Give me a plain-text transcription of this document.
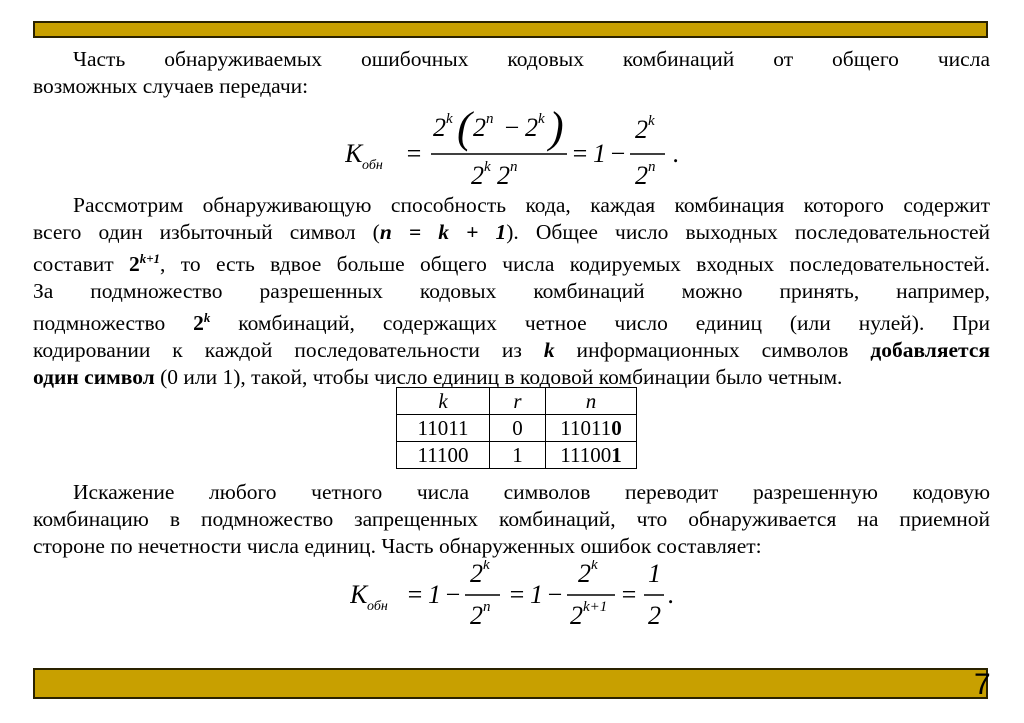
Часть обнаруживаемых ошибочных кодовых комбинаций от общего числа
возможных случаев передачи:

K обн =
2 k ( 2 n − 2 k )
2 k 2 n = 1 −
2 k
2 n .

Рассмотрим обнаруживающую способность кода, каждая комбинация которого содержит
всего один избыточный символ (n = k + 1). Общее число выходных последовательностей
составит $2^{k+1}$, то есть вдвое больше общего числа кодируемых входных последовательностей.
За подмножество разрешенных кодовых комбинаций можно принять, например,
подмножество 2$^k$ комбинаций, содержащих четное число единиц (или нулей). При
кодировании к каждой последовательности из k информационных символов добавляется
один символ (0 или 1), такой, чтобы число единиц в кодовой комбинации было четным.

k	r	n
11011	0	110110
11100	1	111001

Искажение любого четного числа символов переводит разрешенную кодовую
комбинацию в подмножество запрещенных комбинаций, что обнаруживается на приемной
стороне по нечетности числа единиц. Часть обнаруженных ошибок составляет:

K обн = 1 −
2 k
2 n = 1 −
2 k
2 k+1 =
1
2
.
7
